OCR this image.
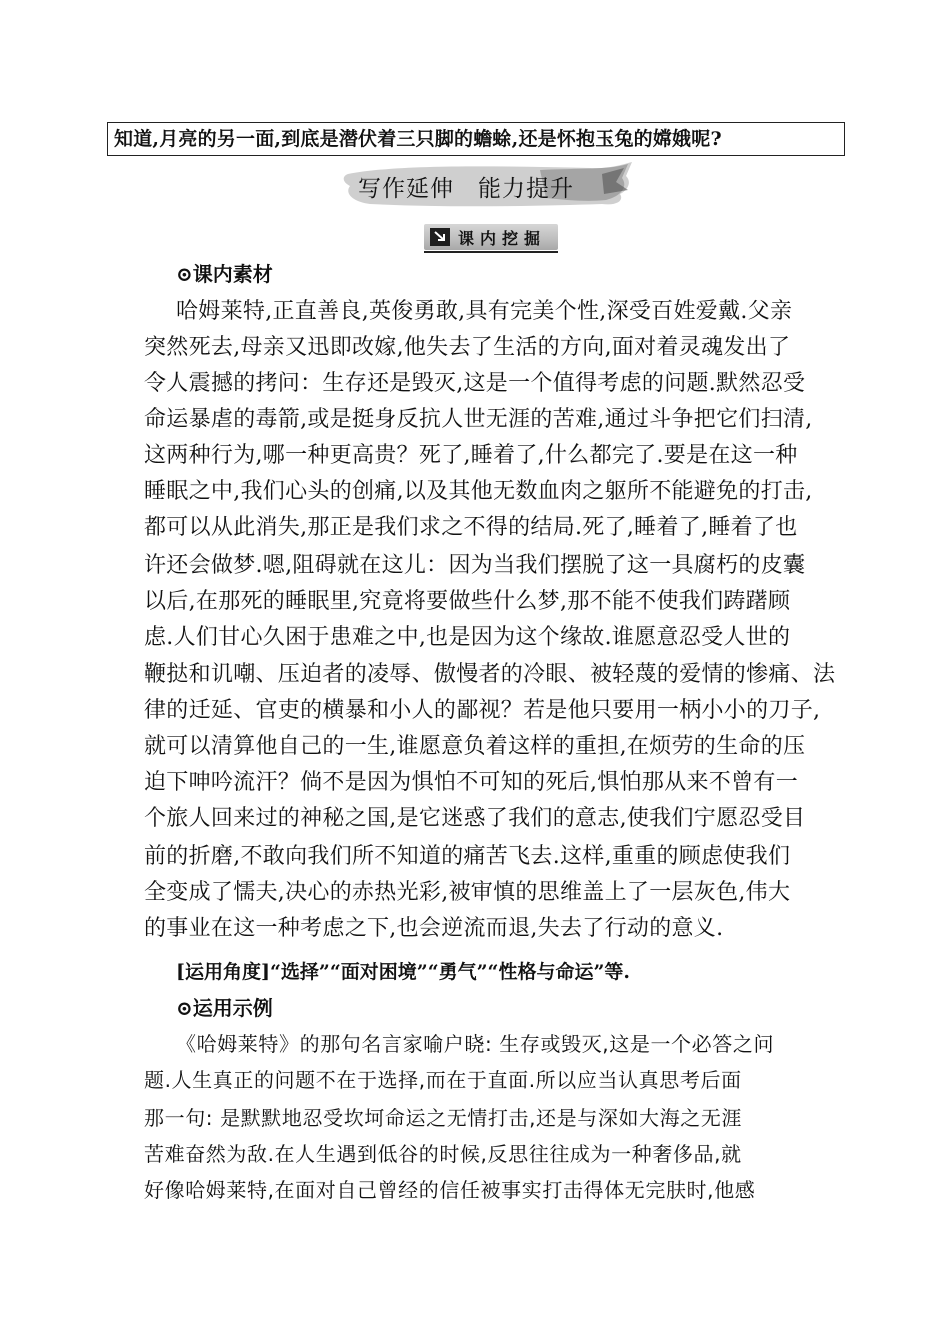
知道,月亮的另一面,到底是潜伏着三只脚的蟾蜍,还是怀抱玉兔的嫦娥呢?
写作延伸　能力提升
课内挖掘
⊙课内素材
哈姆莱特,正直善良,英俊勇敢,具有完美个性,深受百姓爱戴.父亲
突然死去,母亲又迅即改嫁,他失去了生活的方向,面对着灵魂发出了
令人震撼的拷问：生存还是毁灭,这是一个值得考虑的问题.默然忍受
命运暴虐的毒箭,或是挺身反抗人世无涯的苦难,通过斗争把它们扫清,
这两种行为,哪一种更高贵？死了,睡着了,什么都完了.要是在这一种
睡眠之中,我们心头的创痛,以及其他无数血肉之躯所不能避免的打击,
都可以从此消失,那正是我们求之不得的结局.死了,睡着了,睡着了也
许还会做梦.嗯,阻碍就在这儿：因为当我们摆脱了这一具腐朽的皮囊
以后,在那死的睡眠里,究竟将要做些什么梦,那不能不使我们踌躇顾
虑.人们甘心久困于患难之中,也是因为这个缘故.谁愿意忍受人世的
鞭挞和讥嘲、压迫者的凌辱、傲慢者的冷眼、被轻蔑的爱情的惨痛、法
律的迁延、官吏的横暴和小人的鄙视？若是他只要用一柄小小的刀子,
就可以清算他自己的一生,谁愿意负着这样的重担,在烦劳的生命的压
迫下呻吟流汗？倘不是因为惧怕不可知的死后,惧怕那从来不曾有一
个旅人回来过的神秘之国,是它迷惑了我们的意志,使我们宁愿忍受目
前的折磨,不敢向我们所不知道的痛苦飞去.这样,重重的顾虑使我们
全变成了懦夫,决心的赤热光彩,被审慎的思维盖上了一层灰色,伟大
的事业在这一种考虑之下,也会逆流而退,失去了行动的意义.
[运用角度]“选择”“面对困境”“勇气”“性格与命运”等.
⊙运用示例
《哈姆莱特》的那句名言家喻户晓: 生存或毁灭,这是一个必答之问
题.人生真正的问题不在于选择,而在于直面.所以应当认真思考后面
那一句: 是默默地忍受坎坷命运之无情打击,还是与深如大海之无涯
苦难奋然为敌.在人生遇到低谷的时候,反思往往成为一种奢侈品,就
好像哈姆莱特,在面对自己曾经的信任被事实打击得体无完肤时,他感
